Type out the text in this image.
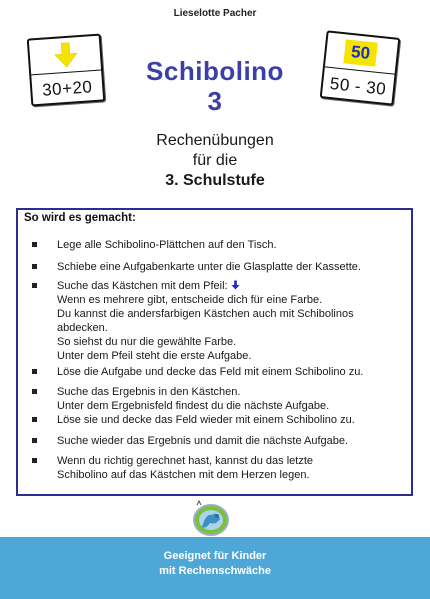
Lieselotte Pacher
30+20
50
50 - 30
Schibolino
3
Rechenübungen
für die
3. Schulstufe
So wird es gemacht:
Lege alle Schibolino-Plättchen auf den Tisch.
Schiebe eine Aufgabenkarte unter die Glasplatte der Kassette.
Suche das Kästchen mit dem Pfeil:
Wenn es mehrere gibt, entscheide dich für eine Farbe.
Du kannst die andersfarbigen Kästchen auch mit Schibolinos
abdecken.
So siehst du nur die gewählte Farbe.
Unter dem Pfeil steht die erste Aufgabe.
Löse die Aufgabe und decke das Feld mit einem Schibolino zu.
Suche das Ergebnis in den Kästchen.
Unter dem Ergebnisfeld findest du die nächste Aufgabe.
Löse sie und decke das Feld wieder mit einem Schibolino zu.
Suche wieder das Ergebnis und damit die nächste Aufgabe.
Wenn du richtig gerechnet hast, kannst du das letzte
Schibolino auf das Kästchen mit dem Herzen legen.
Geeignet für Kinder
mit Rechenschwäche
